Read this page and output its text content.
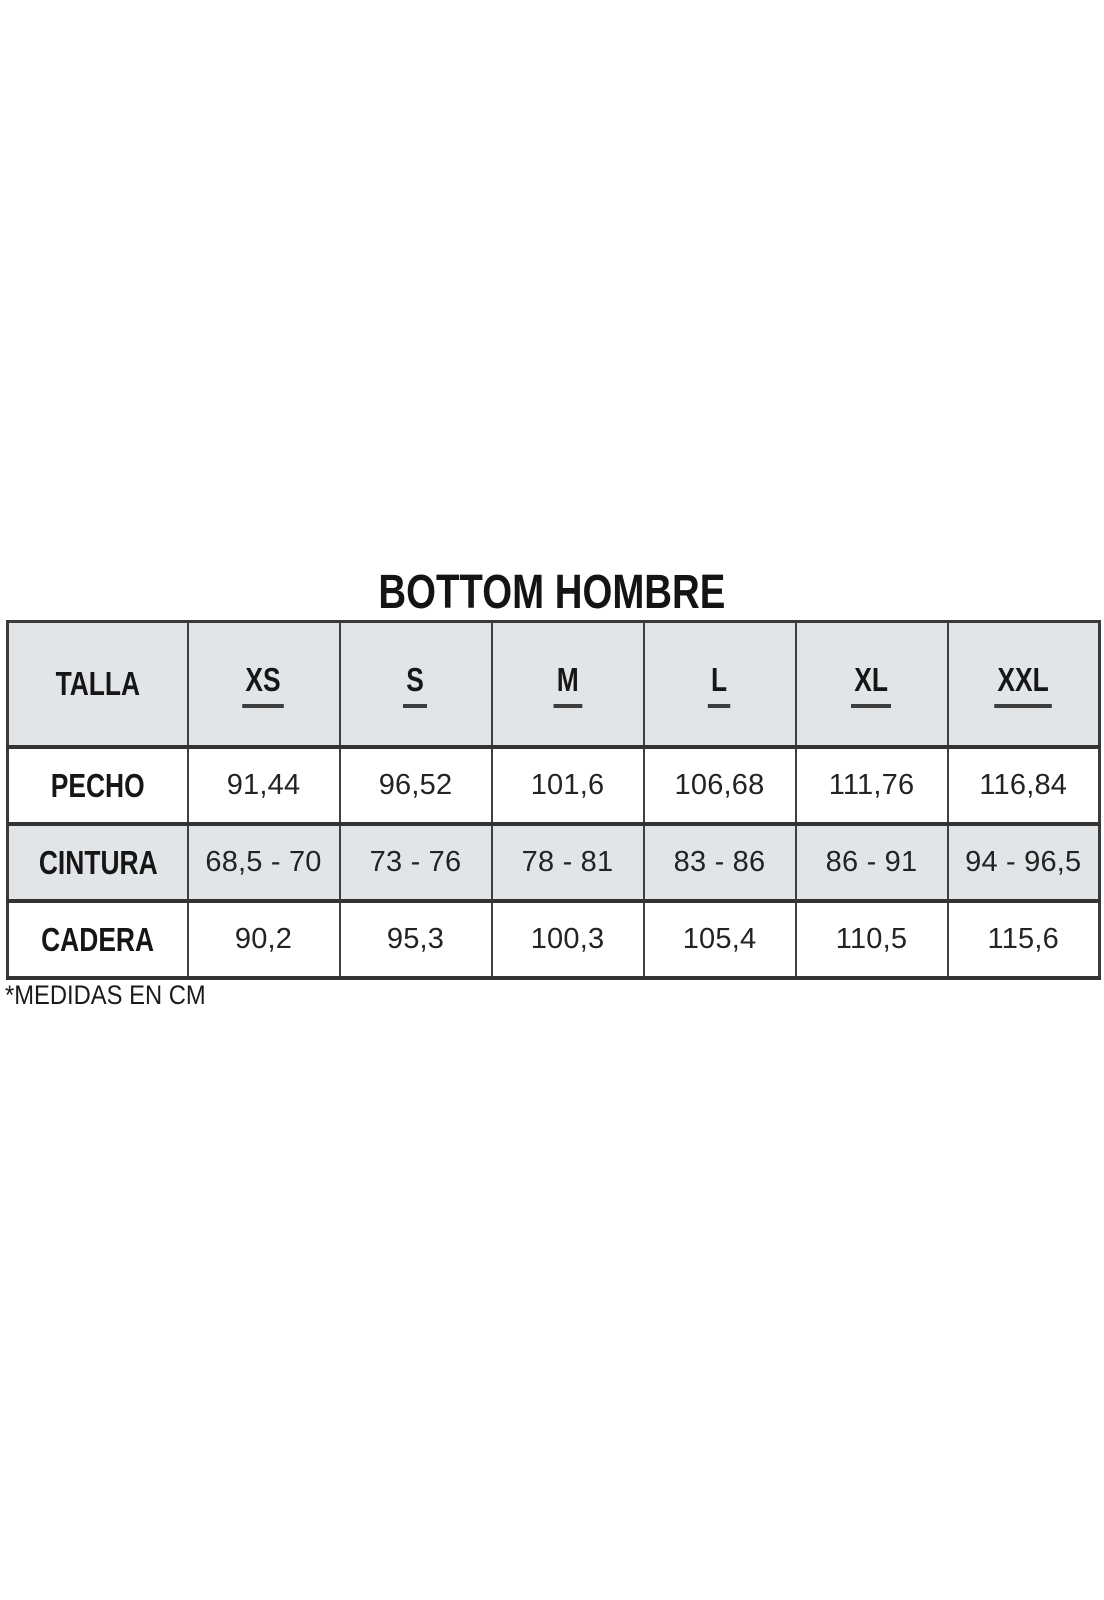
BOTTOM HOMBRE
TALLA	XS	S	M	L	XL	XXL
PECHO	91,44	96,52	101,6	106,68	111,76	116,84
CINTURA	68,5 - 70	73 - 76	78 - 81	83 - 86	86 - 91	94 - 96,5
CADERA	90,2	95,3	100,3	105,4	110,5	115,6
*MEDIDAS EN CM
